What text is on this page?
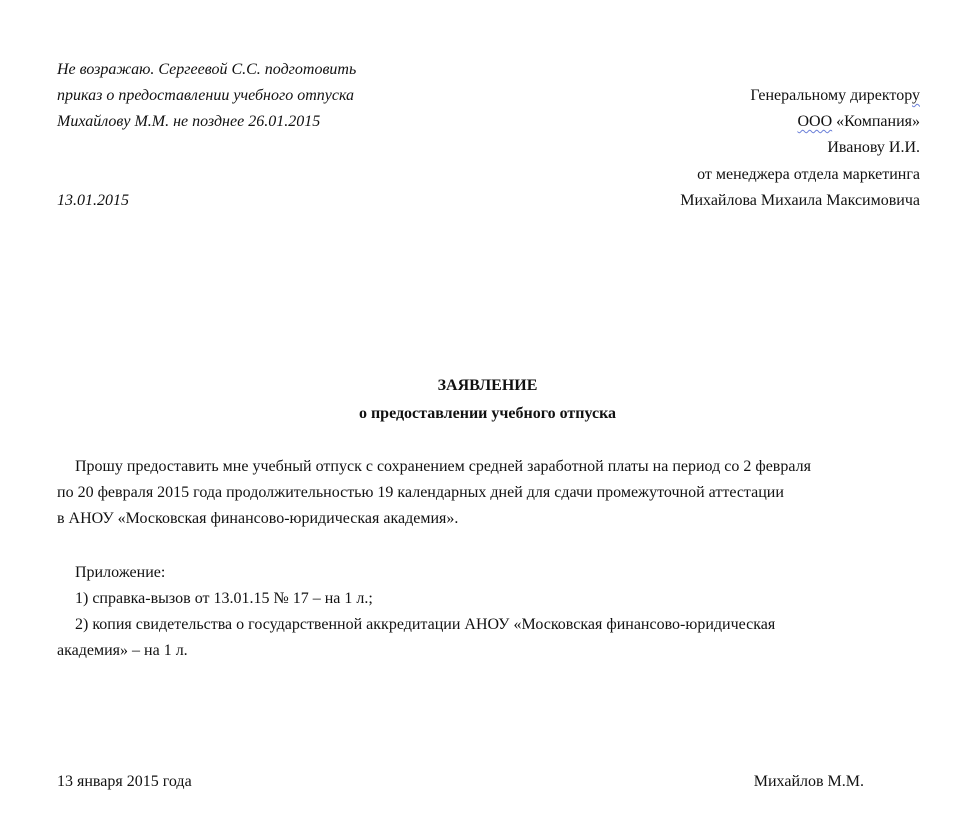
Не возражаю. Сергеевой С.С. подготовить
приказ о предоставлении учебного отпуска
Михайлову М.М. не позднее 26.01.2015
13.01.2015
Генеральному директору
ООО «Компания»
Иванову И.И.
от менеджера отдела маркетинга
Михайлова Михаила Максимовича
ЗАЯВЛЕНИЕ
о предоставлении учебного отпуска
Прошу предоставить мне учебный отпуск с сохранением средней заработной платы на период со 2 февраля
по 20 февраля 2015 года продолжительностью 19 календарных дней для сдачи промежуточной аттестации
в АНОУ «Московская финансово-юридическая академия».
Приложение:
1) справка-вызов от 13.01.15 № 17 – на 1 л.;
2) копия свидетельства о государственной аккредитации АНОУ «Московская финансово-юридическая
академия» – на 1 л.
13 января 2015 года	Михайлов М.М.
